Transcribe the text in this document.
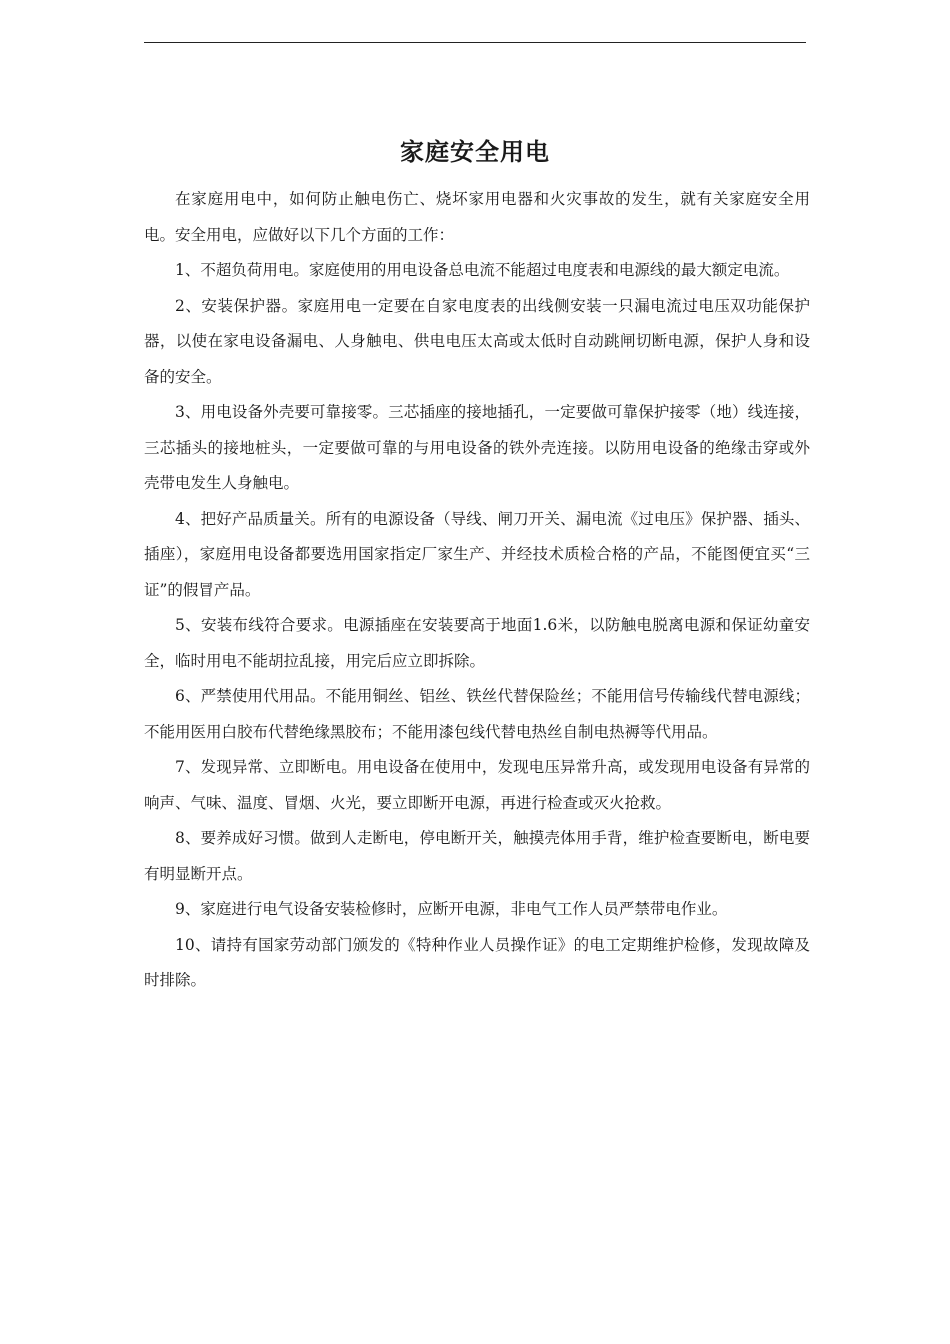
家庭安全用电

在家庭用电中，如何防止触电伤亡、烧坏家用电器和火灾事故的发生，就有关家庭安全用电。安全用电，应做好以下几个方面的工作：

1、不超负荷用电。家庭使用的用电设备总电流不能超过电度表和电源线的最大额定电流。

2、安装保护器。家庭用电一定要在自家电度表的出线侧安装一只漏电流过电压双功能保护器，以使在家电设备漏电、人身触电、供电电压太高或太低时自动跳闸切断电源，保护人身和设备的安全。

3、用电设备外壳要可靠接零。三芯插座的接地插孔，一定要做可靠保护接零（地）线连接，三芯插头的接地桩头，一定要做可靠的与用电设备的铁外壳连接。以防用电设备的绝缘击穿或外壳带电发生人身触电。

4、把好产品质量关。所有的电源设备（导线、闸刀开关、漏电流《过电压》保护器、插头、插座），家庭用电设备都要选用国家指定厂家生产、并经技术质检合格的产品，不能图便宜买“三证”的假冒产品。

5、安装布线符合要求。电源插座在安装要高于地面1.6米，以防触电脱离电源和保证幼童安全，临时用电不能胡拉乱接，用完后应立即拆除。

6、严禁使用代用品。不能用铜丝、铝丝、铁丝代替保险丝；不能用信号传输线代替电源线；不能用医用白胶布代替绝缘黑胶布；不能用漆包线代替电热丝自制电热褥等代用品。

7、发现异常、立即断电。用电设备在使用中，发现电压异常升高，或发现用电设备有异常的响声、气味、温度、冒烟、火光，要立即断开电源，再进行检查或灭火抢救。

8、要养成好习惯。做到人走断电，停电断开关，触摸壳体用手背，维护检查要断电，断电要有明显断开点。

9、家庭进行电气设备安装检修时，应断开电源，非电气工作人员严禁带电作业。

10、请持有国家劳动部门颁发的《特种作业人员操作证》的电工定期维护检修，发现故障及时排除。
